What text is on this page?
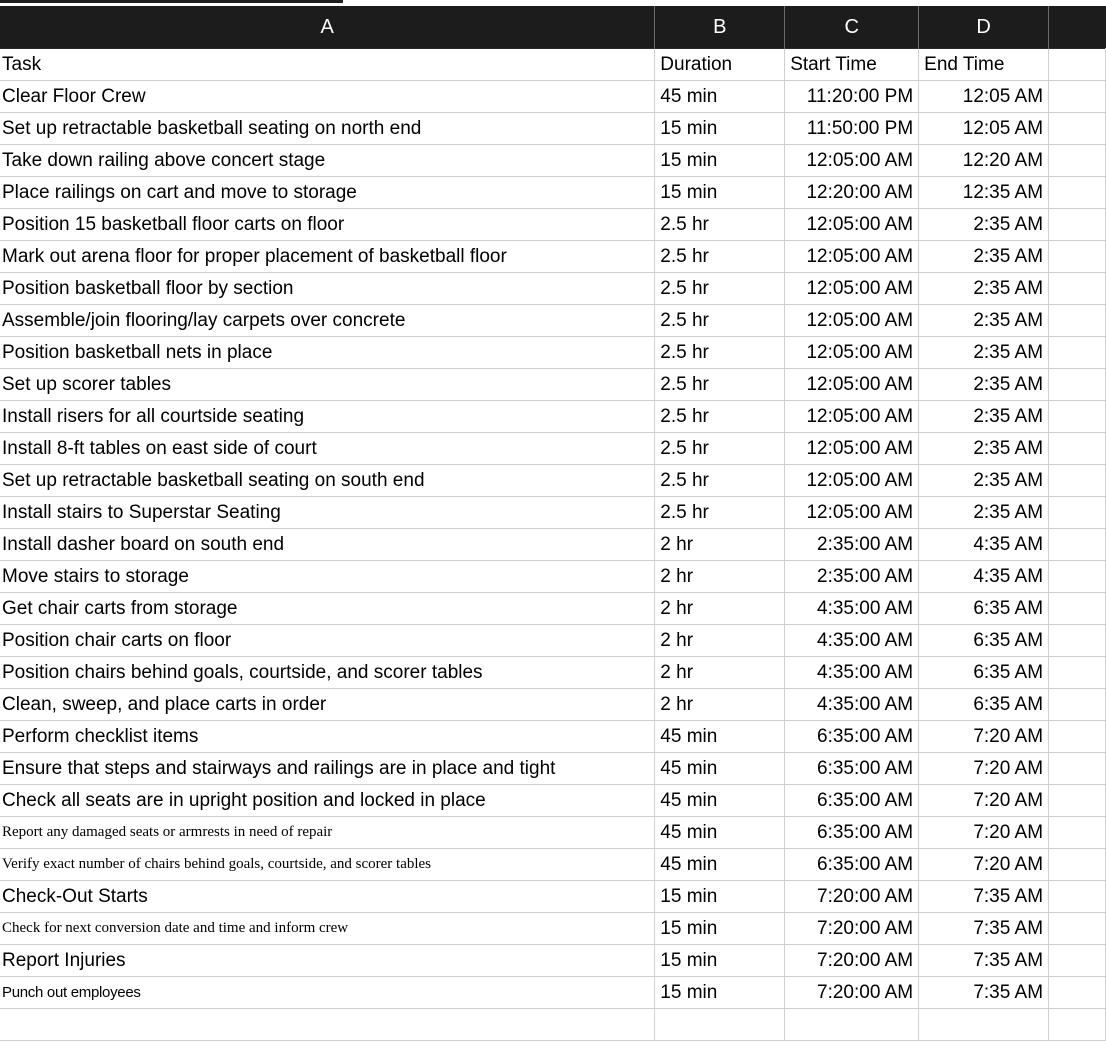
A	B	C	D	
Task	Duration	Start Time	End Time	
Clear Floor Crew	45 min	11:20:00 PM	12:05 AM	
Set up retractable basketball seating on north end	15 min	11:50:00 PM	12:05 AM	
Take down railing above concert stage	15 min	12:05:00 AM	12:20 AM	
Place railings on cart and move to storage	15 min	12:20:00 AM	12:35 AM	
Position 15 basketball floor carts on floor	2.5 hr	12:05:00 AM	2:35 AM	
Mark out arena floor for proper placement of basketball floor	2.5 hr	12:05:00 AM	2:35 AM	
Position basketball floor by section	2.5 hr	12:05:00 AM	2:35 AM	
Assemble/join flooring/lay carpets over concrete	2.5 hr	12:05:00 AM	2:35 AM	
Position basketball nets in place	2.5 hr	12:05:00 AM	2:35 AM	
Set up scorer tables	2.5 hr	12:05:00 AM	2:35 AM	
Install risers for all courtside seating	2.5 hr	12:05:00 AM	2:35 AM	
Install 8-ft tables on east side of court	2.5 hr	12:05:00 AM	2:35 AM	
Set up retractable basketball seating on south end	2.5 hr	12:05:00 AM	2:35 AM	
Install stairs to Superstar Seating	2.5 hr	12:05:00 AM	2:35 AM	
Install dasher board on south end	2 hr	2:35:00 AM	4:35 AM	
Move stairs to storage	2 hr	2:35:00 AM	4:35 AM	
Get chair carts from storage	2 hr	4:35:00 AM	6:35 AM	
Position chair carts on floor	2 hr	4:35:00 AM	6:35 AM	
Position chairs behind goals, courtside, and scorer tables	2 hr	4:35:00 AM	6:35 AM	
Clean, sweep, and place carts in order	2 hr	4:35:00 AM	6:35 AM	
Perform checklist items	45 min	6:35:00 AM	7:20 AM	
Ensure that steps and stairways and railings are in place and tight	45 min	6:35:00 AM	7:20 AM	
Check all seats are in upright position and locked in place	45 min	6:35:00 AM	7:20 AM	
Report any damaged seats or armrests in need of repair	45 min	6:35:00 AM	7:20 AM	
Verify exact number of chairs behind goals, courtside, and scorer tables	45 min	6:35:00 AM	7:20 AM	
Check-Out Starts	15 min	7:20:00 AM	7:35 AM	
Check for next conversion date and time and inform crew	15 min	7:20:00 AM	7:35 AM	
Report Injuries	15 min	7:20:00 AM	7:35 AM	
Punch out employees	15 min	7:20:00 AM	7:35 AM	
